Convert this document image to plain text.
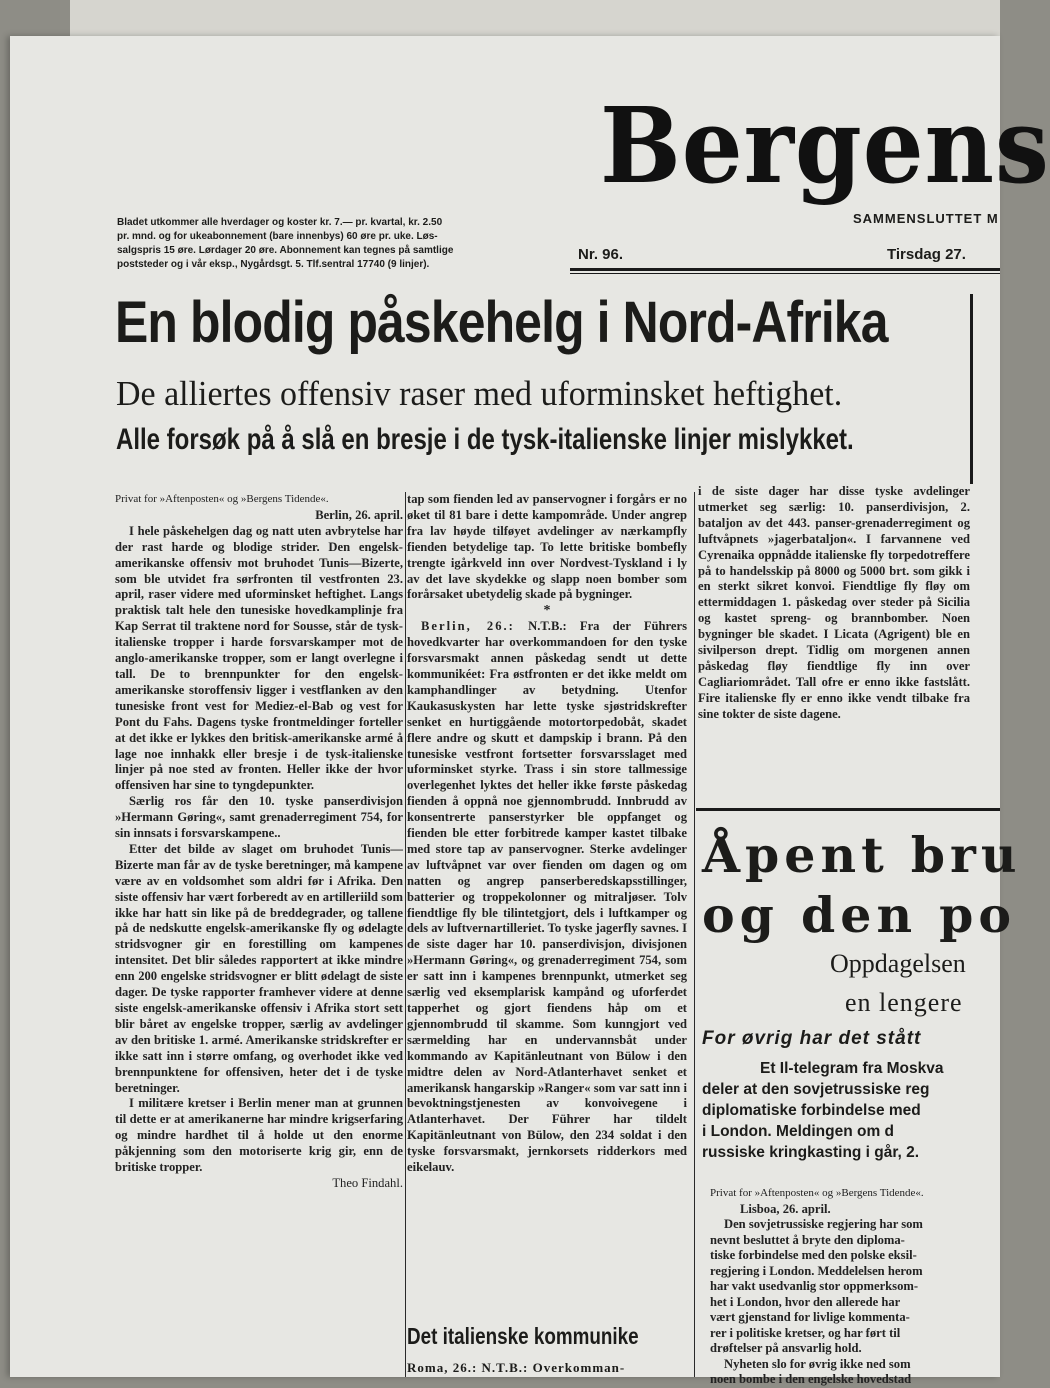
Bergens
SAMMENSLUTTET M
Bladet utkommer alle hverdager og koster kr. 7.— pr. kvartal, kr. 2.50
pr. mnd. og for ukeabonnement (bare innenbys) 60 øre pr. uke. Løs-
salgspris 15 øre. Lørdager 20 øre. Abonnement kan tegnes på samtlige
poststeder og i vår eksp., Nygårdsgt. 5. Tlf.sentral 17740 (9 linjer).
Nr. 96.	Tirsdag 27.
En blodig påskehelg i Nord-Afrika
De alliertes offensiv raser med uforminsket heftighet.
Alle forsøk på å slå en bresje i de tysk-italienske linjer mislykket.

Privat for »Aftenposten« og »Bergens Tidende«.

Berlin, 26. april.

I hele påskehelgen dag og natt uten avbrytelse har der rast harde og blodige strider. Den engelsk-amerikanske offensiv mot bruhodet Tunis—Bizerte, som ble utvidet fra sørfronten til vestfronten 23. april, raser videre med uforminsket heftighet. Langs praktisk talt hele den tunesiske hovedkamplinje fra Kap Serrat til traktene nord for Sousse, står de tysk-italienske tropper i harde forsvarskamper mot de anglo-amerikanske tropper, som er langt overlegne i tall. De to brennpunkter for den engelsk-amerikanske storoffensiv ligger i vestflanken av den tunesiske front vest for Mediez-el-Bab og vest for Pont du Fahs. Dagens tyske frontmeldinger forteller at det ikke er lykkes den britisk-amerikanske armé å lage noe innhakk eller bresje i de tysk-italienske linjer på noe sted av fronten. Heller ikke der hvor offensiven har sine to tyngdepunkter.

Særlig ros får den 10. tyske panserdivisjon »Hermann Gøring«, samt grenaderregiment 754, for sin innsats i forsvarskampene..

Etter det bilde av slaget om bruhodet Tunis—Bizerte man får av de tyske beretninger, må kampene være av en voldsomhet som aldri før i Afrika. Den siste offensiv har vært forberedt av en artilleriild som ikke har hatt sin like på de breddegrader, og tallene på de nedskutte engelsk-amerikanske fly og ødelagte stridsvogner gir en forestilling om kampenes intensitet. Det blir således rapportert at ikke mindre enn 200 engelske stridsvogner er blitt ødelagt de siste dager. De tyske rapporter framhever videre at denne siste engelsk-amerikanske offensiv i Afrika stort sett blir båret av engelske tropper, særlig av avdelinger av den britiske 1. armé. Amerikanske stridskrefter er ikke satt inn i større omfang, og overhodet ikke ved brennpunktene for offensiven, heter det i de tyske beretninger.

I militære kretser i Berlin mener man at grunnen til dette er at amerikanerne har mindre krigserfaring og mindre hardhet til å holde ut den enorme påkjenning som den motoriserte krig gir, enn de britiske tropper.

Theo Findahl.

tap som fienden led av panservogner i forgårs er no øket til 81 bare i dette kampområde. Under angrep fra lav høyde tilføyet avdelinger av nærkampfly fienden betydelige tap. To lette britiske bombefly trengte igårkveld inn over Nordvest-Tyskland i ly av det lave skydekke og slapp noen bomber som forårsaket ubetydelig skade på bygninger.

*

Berlin, 26.: N.T.B.: Fra der Führers hovedkvarter har overkommandoen for den tyske forsvarsmakt annen påskedag sendt ut dette kommunikéet: Fra østfronten er det ikke meldt om kamphandlinger av betydning. Utenfor Kaukasuskysten har lette tyske sjøstridskrefter senket en hurtiggående motortorpedobåt, skadet flere andre og skutt et dampskip i brann. På den tunesiske vestfront fortsetter forsvarsslaget med uforminsket styrke. Trass i sin store tallmessige overlegenhet lyktes det heller ikke første påskedag fienden å oppnå noe gjennombrudd. Innbrudd av konsentrerte panserstyrker ble oppfanget og fienden ble etter forbitrede kamper kastet tilbake med store tap av panservogner. Sterke avdelinger av luftvåpnet var over fienden om dagen og om natten og angrep panserberedskapsstillinger, batterier og troppekolonner og mitraljøser. Tolv fiendtlige fly ble tilintetgjort, dels i luftkamper og dels av luftvernartilleriet. To tyske jagerfly savnes. I de siste dager har 10. panserdivisjon, divisjonen »Hermann Gøring«, og grenaderregiment 754, som er satt inn i kampenes brennpunkt, utmerket seg særlig ved eksemplarisk kampånd og uforferdet tapperhet og gjort fiendens håp om et gjennombrudd til skamme. Som kunngjort ved særmelding har en undervannsbåt under kommando av Kapitänleutnant von Bülow i den midtre delen av Nord-Atlanterhavet senket et amerikansk hangarskip »Ranger« som var satt inn i bevoktningstjenesten av konvoivegene i Atlanterhavet. Der Führer har tildelt Kapitänleutnant von Bülow, den 234 soldat i den tyske forsvarsmakt, jernkorsets ridderkors med eikelauv.

Det italienske kommunike
Roma, 26.: N.T.B.: Overkomman-

i de siste dager har disse tyske avdelinger utmerket seg særlig: 10. panserdivisjon, 2. bataljon av det 443. panser-grenaderregiment og luftvåpnets »jagerbataljon«. I farvannene ved Cyrenaika oppnådde italienske fly torpedotreffere på to handelsskip på 8000 og 5000 brt. som gikk i en sterkt sikret konvoi. Fiendtlige fly fløy om ettermiddagen 1. påskedag over steder på Sicilia og kastet spreng- og brannbomber. Noen bygninger ble skadet. I Licata (Agrigent) ble en sivilperson drept. Tidlig om morgenen annen påskedag fløy fiendtlige fly inn over Cagliariområdet. Tall ofre er enno ikke fastslått. Fire italienske fly er enno ikke vendt tilbake fra sine tokter de siste dagene.

Åpent bru
og den po
Oppdagelsen
en lengere
For øvrig har det stått
Et Il-telegram fra Moskva
deler at den sovjetrussiske reg
diplomatiske forbindelse med
i London. Meldingen om d
russiske kringkasting i går, 2.
Privat for »Aftenposten« og »Bergens Tidende«.
Lisboa, 26. april.
Den sovjetrussiske regjering har som
nevnt besluttet å bryte den diploma-
tiske forbindelse med den polske eksil-
regjering i London. Meddelelsen herom
har vakt usedvanlig stor oppmerksom-
het i London, hvor den allerede har
vært gjenstand for livlige kommenta-
rer i politiske kretser, og har ført til
drøftelser på ansvarlig hold.
Nyheten slo for øvrig ikke ned som
noen bombe i den engelske hovedstad
